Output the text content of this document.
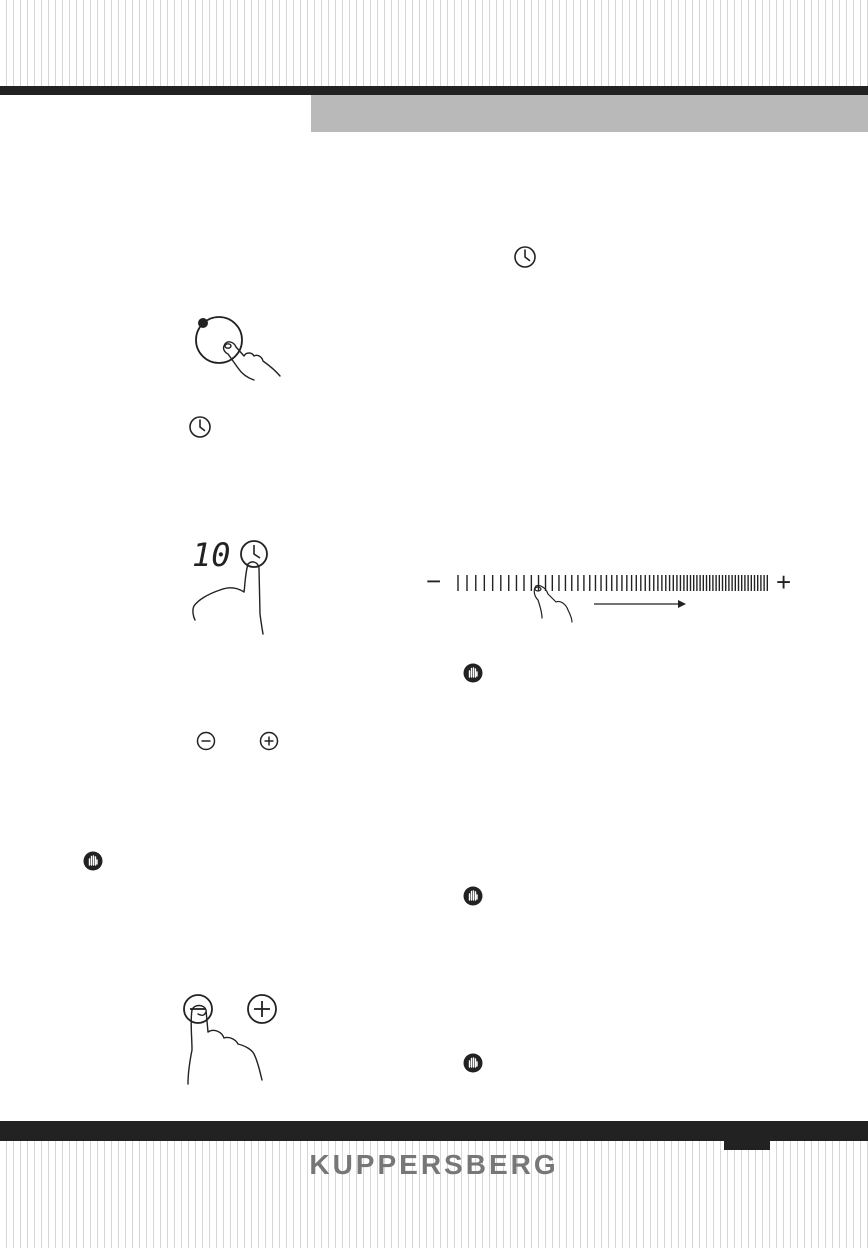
10
−	+
KUPPERSBERG
